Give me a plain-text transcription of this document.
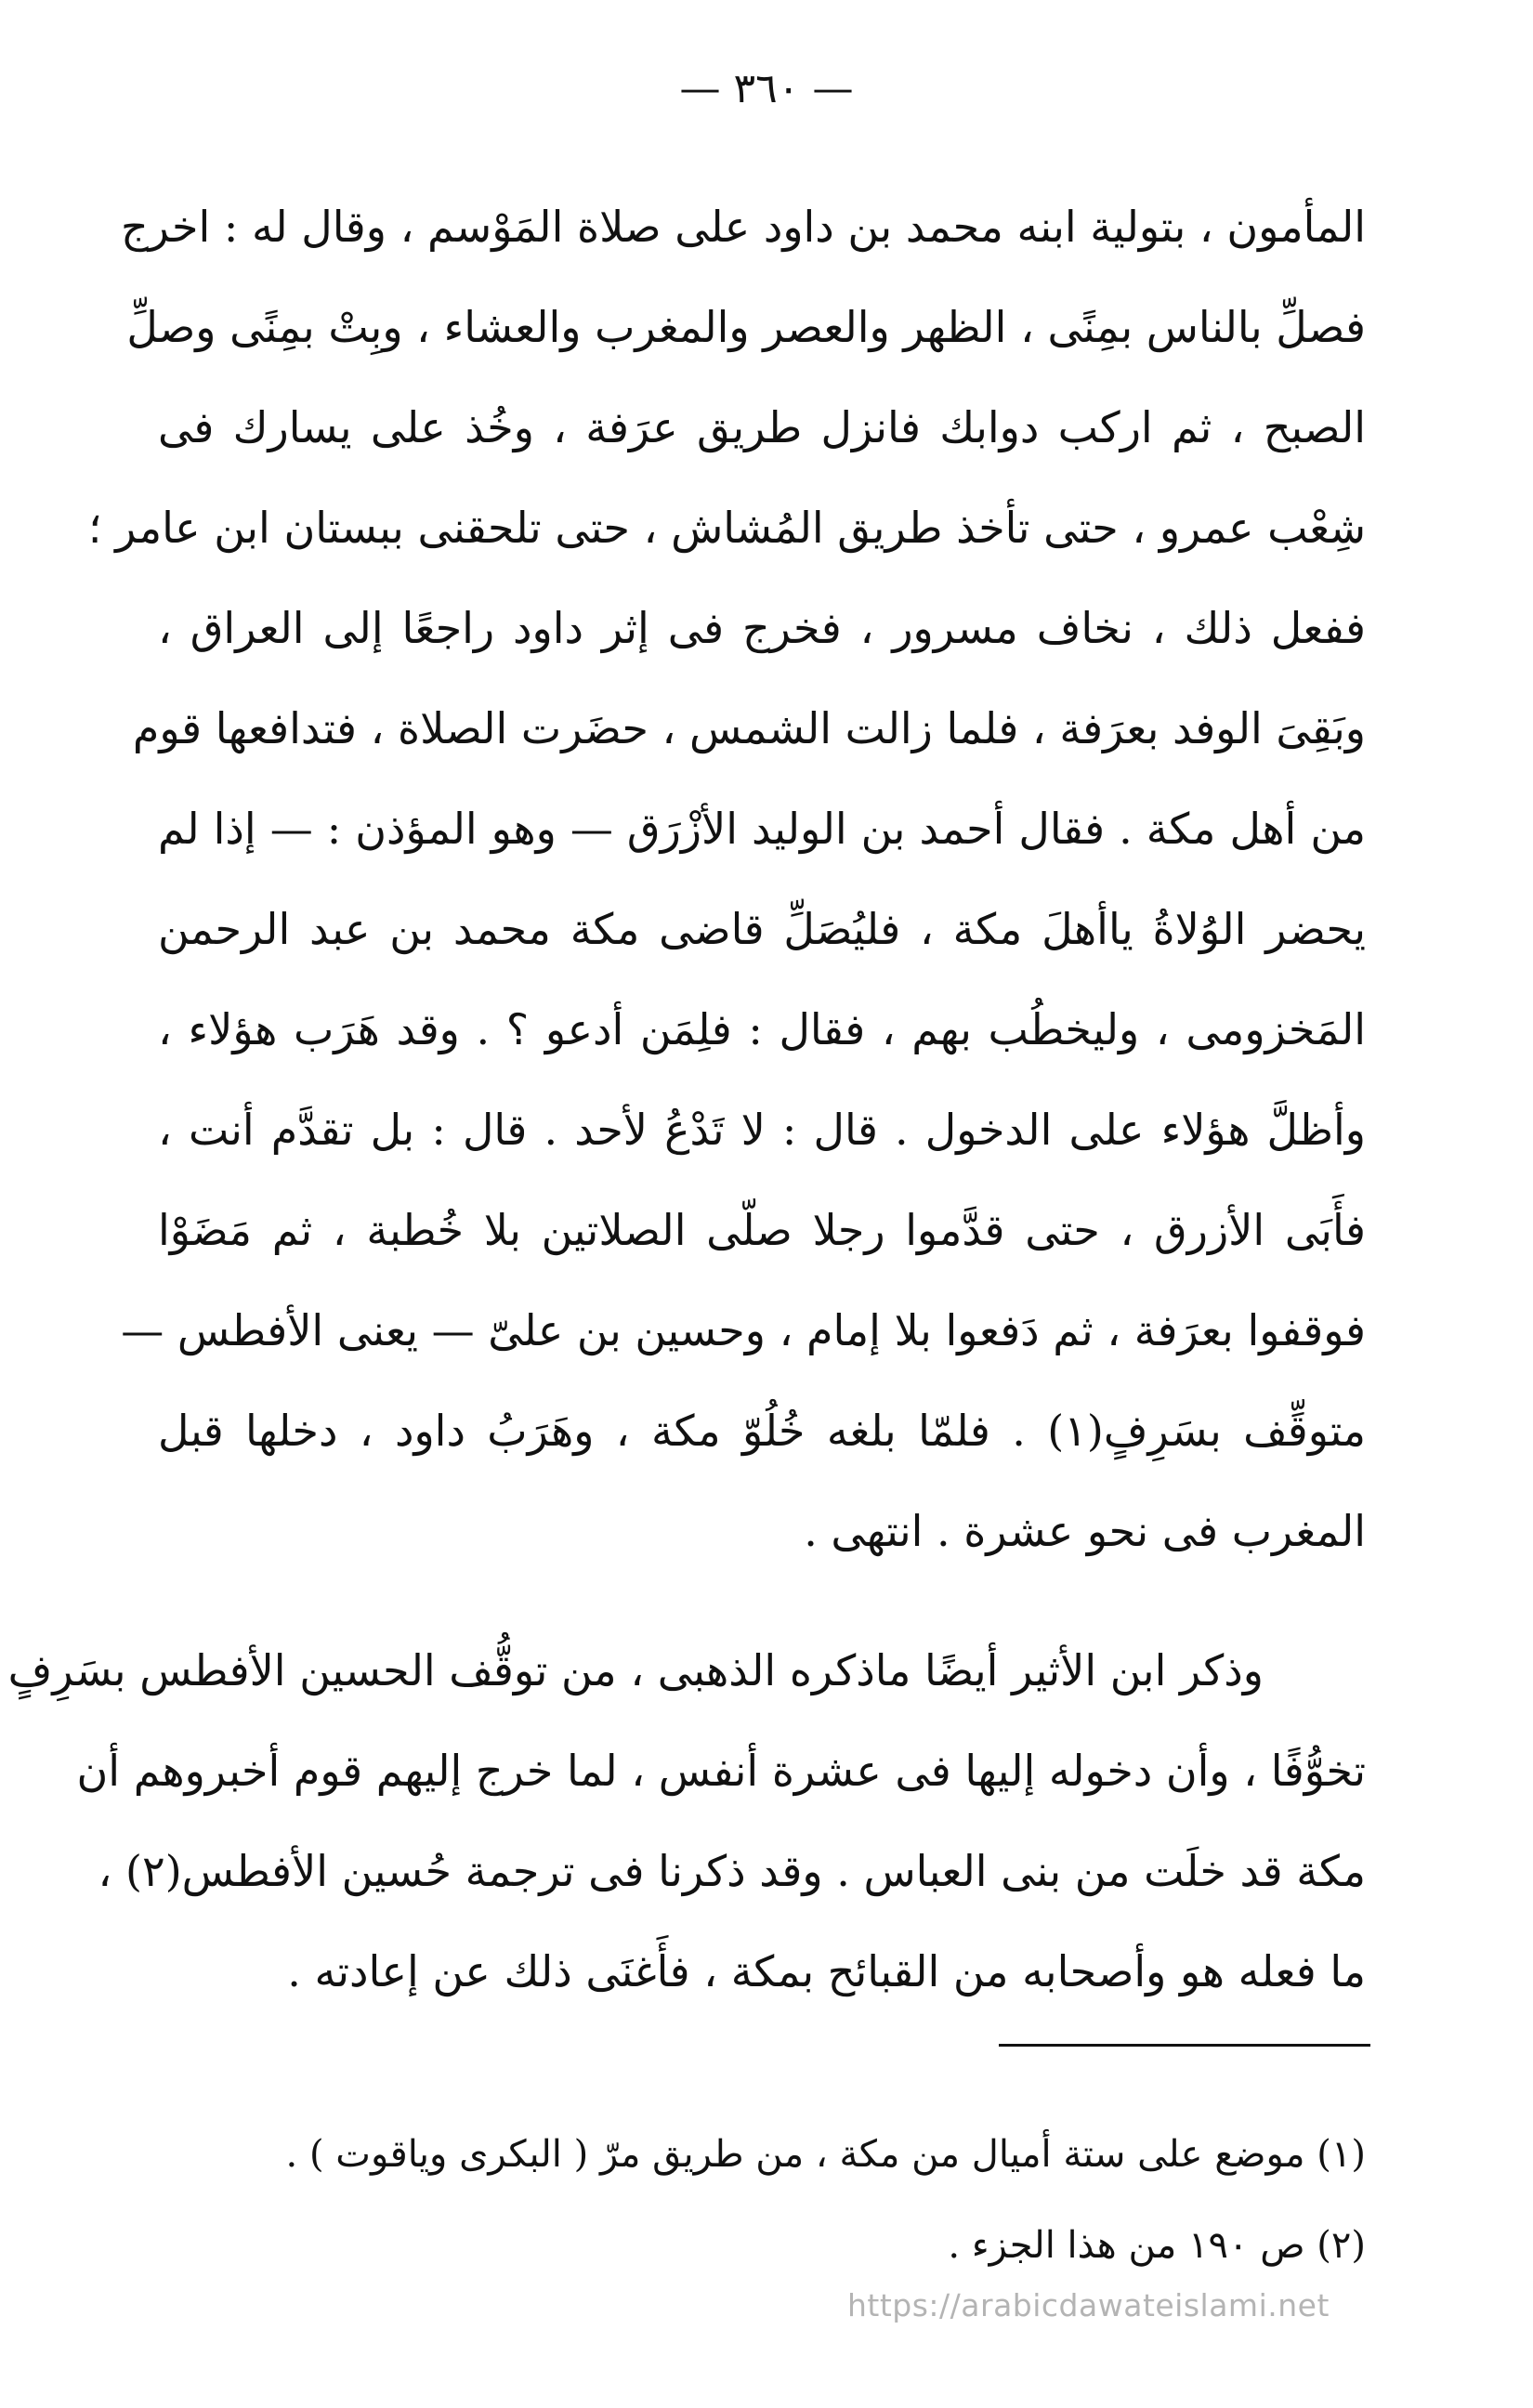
— ٣٦٠ —
المأمون ، بتولية ابنه محمد بن داود على صلاة المَوْسم ، وقال له : اخرج
فصلِّ بالناس بمِنًى ، الظهر والعصر والمغرب والعشاء ، وبِتْ بمِنًى وصلِّ
الصبح ، ثم اركب دوابك فانزل طريق عرَفة ، وخُذ على يسارك فى
شِعْب عمرو ، حتى تأخذ طريق المُشاش ، حتى تلحقنى ببستان ابن عامر ؛
ففعل ذلك ، نخاف مسرور ، فخرج فى إثر داود راجعًا إلى العراق ،
وبَقِىَ الوفد بعرَفة ، فلما زالت الشمس ، حضَرت الصلاة ، فتدافعها قوم
من أهل مكة . فقال أحمد بن الوليد الأزْرَق — وهو المؤذن : — إذا لم
يحضر الوُلاةُ ياأهلَ مكة ، فليُصَلِّ قاضى مكة محمد بن عبد الرحمن
المَخزومى ، وليخطُب بهم ، فقال : فلِمَن أدعو ؟ . وقد هَرَب هؤلاء ،
وأظلَّ هؤلاء على الدخول . قال : لا تَدْعُ لأحد . قال : بل تقدَّم أنت ،
فأَبَى الأزرق ، حتى قدَّموا رجلا صلّى الصلاتين بلا خُطبة ، ثم مَضَوْا
فوقفوا بعرَفة ، ثم دَفعوا بلا إمام ، وحسين بن علىّ — يعنى الأفطس —
متوقِّف بسَرِفٍ(١) . فلمّا بلغه خُلُوّ مكة ، وهَرَبُ داود ، دخلها قبل
المغرب فى نحو عشرة . انتهى .
وذكر ابن الأثير أيضًا ماذكره الذهبى ، من توقُّف الحسين الأفطس بسَرِفٍ
تخوُّفًا ، وأن دخوله إليها فى عشرة أنفس ، لما خرج إليهم قوم أخبروهم أن
مكة قد خلَت من بنى العباس . وقد ذكرنا فى ترجمة حُسين الأفطس(٢) ،
ما فعله هو وأصحابه من القبائح بمكة ، فأَغنَى ذلك عن إعادته .
(١) موضع على ستة أميال من مكة ، من طريق مرّ ( البكرى وياقوت ) .
(٢) ص ١٩٠ من هذا الجزء .
https://arabicdawateislami.net
